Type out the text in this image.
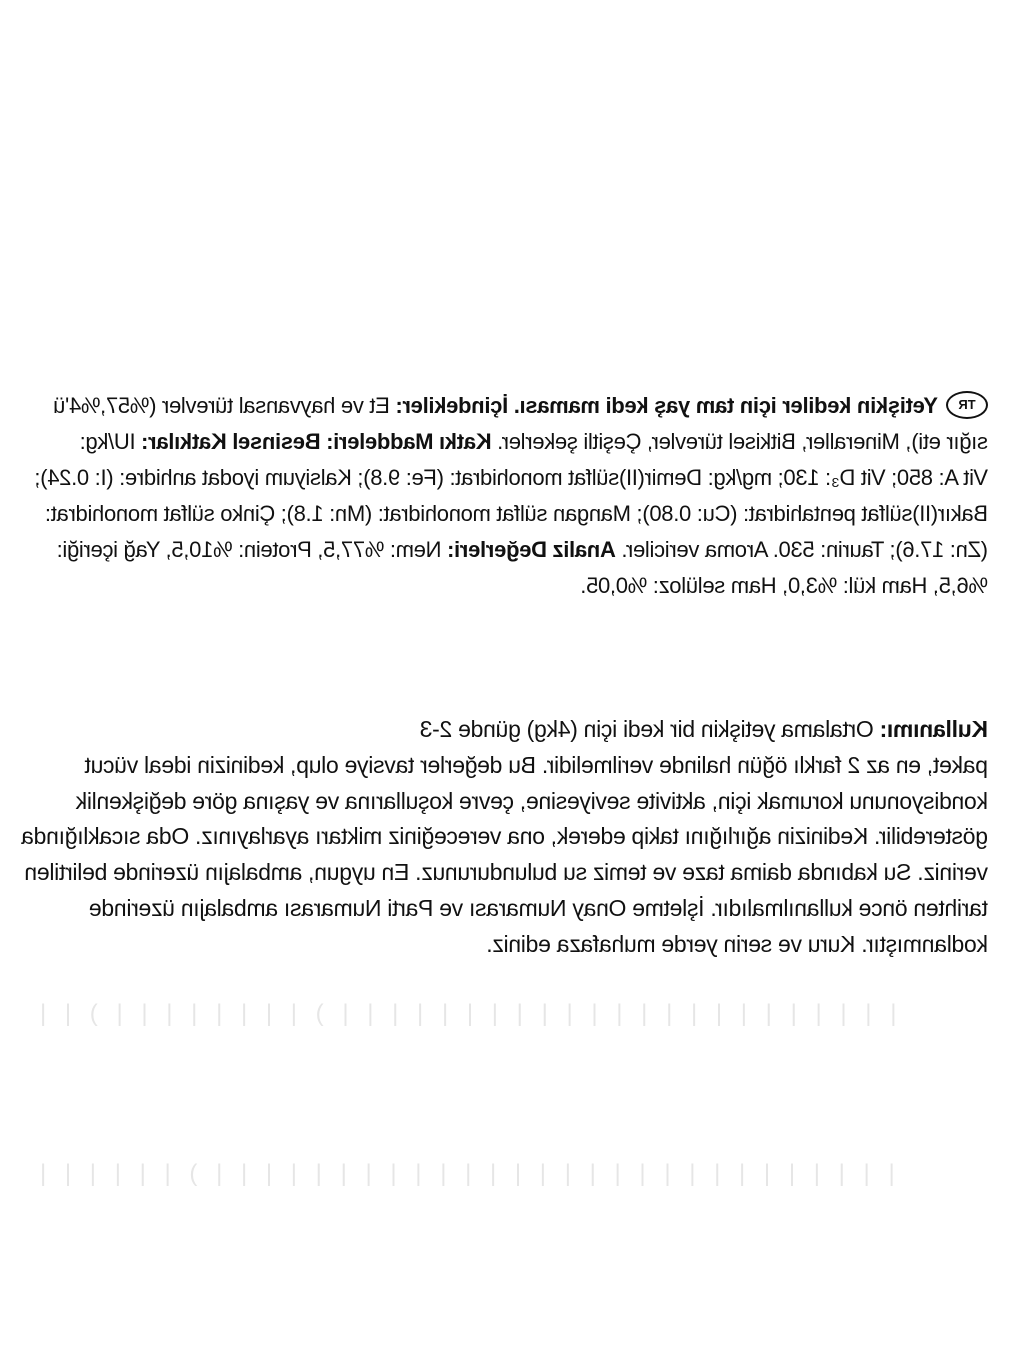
TRYetişkin kediler için tam yaş kedi maması. İçindekiler: Et ve hayvansal türevler (%57,%4'ü
sığır eti), Mineraller, Bitkisel türevler, Çeşitli şekerler. Katkı Maddeleri: Besinsel Katkılar: IU/kg:
Vit A: 850; Vit D₃: 130; mg/kg: Demir(II)sülfat monohidrat: (Fe: 9.8); Kalsiyum iyodat anhidre: (I: 0.24);
Bakır(II)sülfat pentahidrat: (Cu: 0.80); Mangan sülfat monohidrat: (Mn: 1.8); Çinko sülfat monohidrat:
(Zn: 17.6); Taurin: 530. Aroma vericiler. Analiz Değerleri: Nem: %77,5, Protein: %10,5, Yağ içeriği:
%6,5, Ham kül: %3,0, Ham selüloz: %0,05.
Kullanımı: Ortalama yetişkin bir kedi için (4kg) günde 2-3
paket, en az 2 farklı öğün halinde verilmelidir. Bu değerler tavsiye olup, kedinizin ideal vücut
kondisyonunu korumak için, aktivite seviyesine, çevre koşullarına ve yaşına göre değişkenlik
gösterebilir. Kedinizin ağırlığını takip ederek, ona vereceğiniz miktarı ayarlayınız. Oda sıcaklığında
veriniz. Su kabında daima taze ve temiz su bulundurunuz. En uygun, ambalajın üzerinde belirtilen
tarihten önce kullanılmalıdır. İşletme Onay Numarası ve Parti Numarası ambalajın üzerinde
kodlanmıştır. Kuru ve serin yerde muhafaza ediniz.
| | ( | | | | | | | | ( | | | | | | | | | | | | | | | | | | | | | | |
| | | | | | ( | | | | | | | | | | | | | | | | | | | | | | | | | | | |
